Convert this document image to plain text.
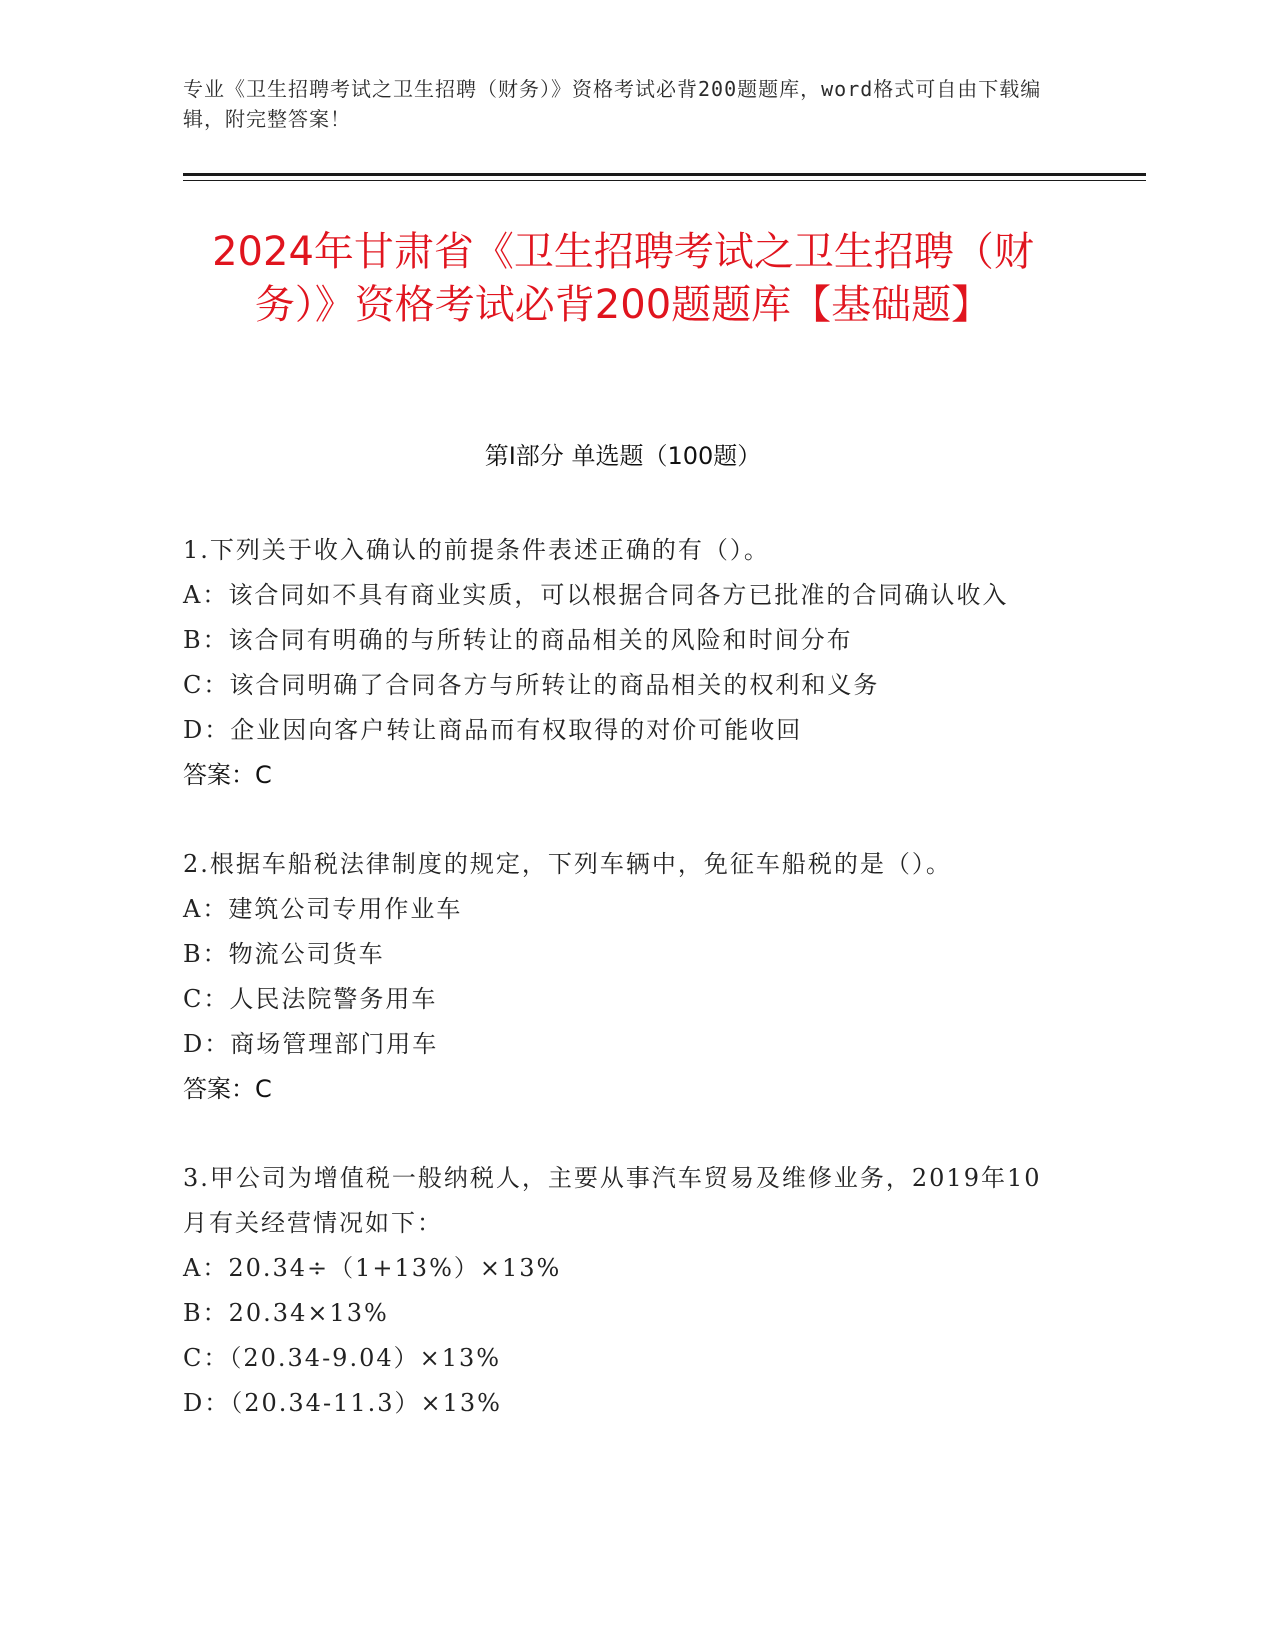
专业《卫生招聘考试之卫生招聘（财务）》资格考试必背200题题库，word格式可自由下载编辑，附完整答案！
2024年甘肃省《卫生招聘考试之卫生招聘（财务）》资格考试必背200题题库【基础题】
第I部分 单选题（100题）
1.下列关于收入确认的前提条件表述正确的有（）。
A：该合同如不具有商业实质，可以根据合同各方已批准的合同确认收入
B：该合同有明确的与所转让的商品相关的风险和时间分布
C：该合同明确了合同各方与所转让的商品相关的权利和义务
D：企业因向客户转让商品而有权取得的对价可能收回
答案：C
2.根据车船税法律制度的规定，下列车辆中，免征车船税的是（）。
A：建筑公司专用作业车
B：物流公司货车
C：人民法院警务用车
D：商场管理部门用车
答案：C
3.甲公司为增值税一般纳税人，主要从事汽车贸易及维修业务，2019年10月有关经营情况如下：
A：20.34÷（1+13%）×13%
B：20.34×13%
C：（20.34-9.04）×13%
D：（20.34-11.3）×13%
